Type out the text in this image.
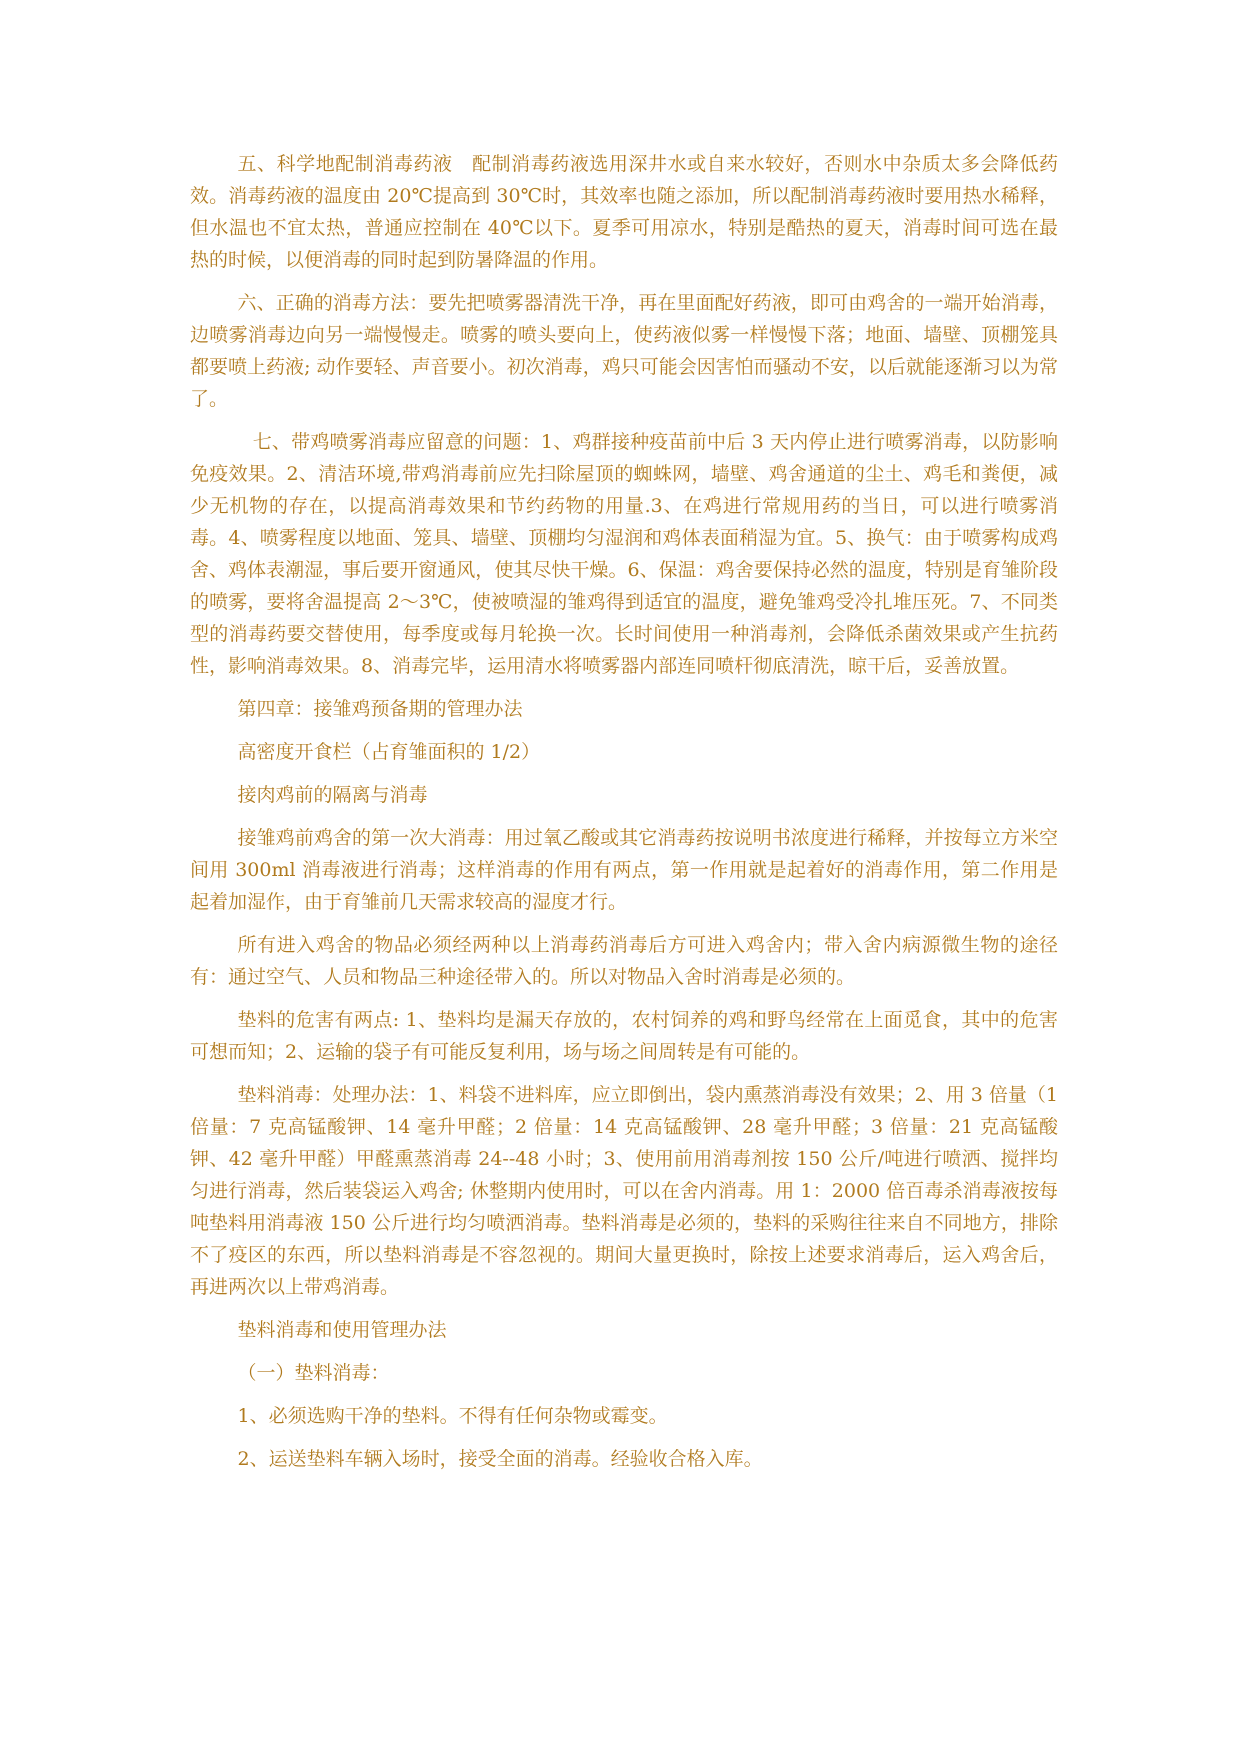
五、科学地配制消毒药液　配制消毒药液选用深井水或自来水较好，否则水中杂质太多会降低药效。消毒药液的温度由 20℃提高到 30℃时，其效率也随之添加，所以配制消毒药液时要用热水稀释，但水温也不宜太热，普通应控制在 40℃以下。夏季可用凉水，特别是酷热的夏天，消毒时间可选在最热的时候，以便消毒的同时起到防暑降温的作用。

六、正确的消毒方法：要先把喷雾器清洗干净，再在里面配好药液，即可由鸡舍的一端开始消毒，边喷雾消毒边向另一端慢慢走。喷雾的喷头要向上，使药液似雾一样慢慢下落；地面、墙壁、顶棚笼具都要喷上药液; 动作要轻、声音要小。初次消毒，鸡只可能会因害怕而骚动不安，以后就能逐渐习以为常了。

七、带鸡喷雾消毒应留意的问题：1、鸡群接种疫苗前中后 3 天内停止进行喷雾消毒，以防影响免疫效果。2、清洁环境,带鸡消毒前应先扫除屋顶的蜘蛛网，墙壁、鸡舍通道的尘土、鸡毛和粪便，减少无机物的存在，以提高消毒效果和节约药物的用量.3、在鸡进行常规用药的当日，可以进行喷雾消毒。4、喷雾程度以地面、笼具、墙壁、顶棚均匀湿润和鸡体表面稍湿为宜。5、换气：由于喷雾构成鸡舍、鸡体表潮湿，事后要开窗通风，使其尽快干燥。6、保温：鸡舍要保持必然的温度，特别是育雏阶段的喷雾，要将舍温提高 2～3℃，使被喷湿的雏鸡得到适宜的温度，避免雏鸡受冷扎堆压死。7、不同类型的消毒药要交替使用，每季度或每月轮换一次。长时间使用一种消毒剂，会降低杀菌效果或产生抗药性，影响消毒效果。8、消毒完毕，运用清水将喷雾器内部连同喷杆彻底清洗，晾干后，妥善放置。

第四章：接雏鸡预备期的管理办法

高密度开食栏（占育雏面积的 1/2）

接肉鸡前的隔离与消毒

接雏鸡前鸡舍的第一次大消毒：用过氧乙酸或其它消毒药按说明书浓度进行稀释，并按每立方米空间用 300ml 消毒液进行消毒；这样消毒的作用有两点，第一作用就是起着好的消毒作用，第二作用是起着加湿作，由于育雏前几天需求较高的湿度才行。

所有进入鸡舍的物品必须经两种以上消毒药消毒后方可进入鸡舍内；带入舍内病源微生物的途径有：通过空气、人员和物品三种途径带入的。所以对物品入舍时消毒是必须的。

垫料的危害有两点: 1、垫料均是漏天存放的，农村饲养的鸡和野鸟经常在上面觅食，其中的危害可想而知；2、运输的袋子有可能反复利用，场与场之间周转是有可能的。

垫料消毒：处理办法：1、料袋不进料库，应立即倒出，袋内熏蒸消毒没有效果；2、用 3 倍量（1 倍量：7 克高锰酸钾、14 毫升甲醛；2 倍量：14 克高锰酸钾、28 毫升甲醛；3 倍量：21 克高锰酸钾、42 毫升甲醛）甲醛熏蒸消毒 24--48 小时；3、使用前用消毒剂按 150 公斤/吨进行喷洒、搅拌均匀进行消毒，然后装袋运入鸡舍; 休整期内使用时，可以在舍内消毒。用 1：2000 倍百毒杀消毒液按每吨垫料用消毒液 150 公斤进行均匀喷洒消毒。垫料消毒是必须的，垫料的采购往往来自不同地方，排除不了疫区的东西，所以垫料消毒是不容忽视的。期间大量更换时，除按上述要求消毒后，运入鸡舍后，再进两次以上带鸡消毒。

垫料消毒和使用管理办法

（一）垫料消毒：

1、必须选购干净的垫料。不得有任何杂物或霉变。

2、运送垫料车辆入场时，接受全面的消毒。经验收合格入库。
